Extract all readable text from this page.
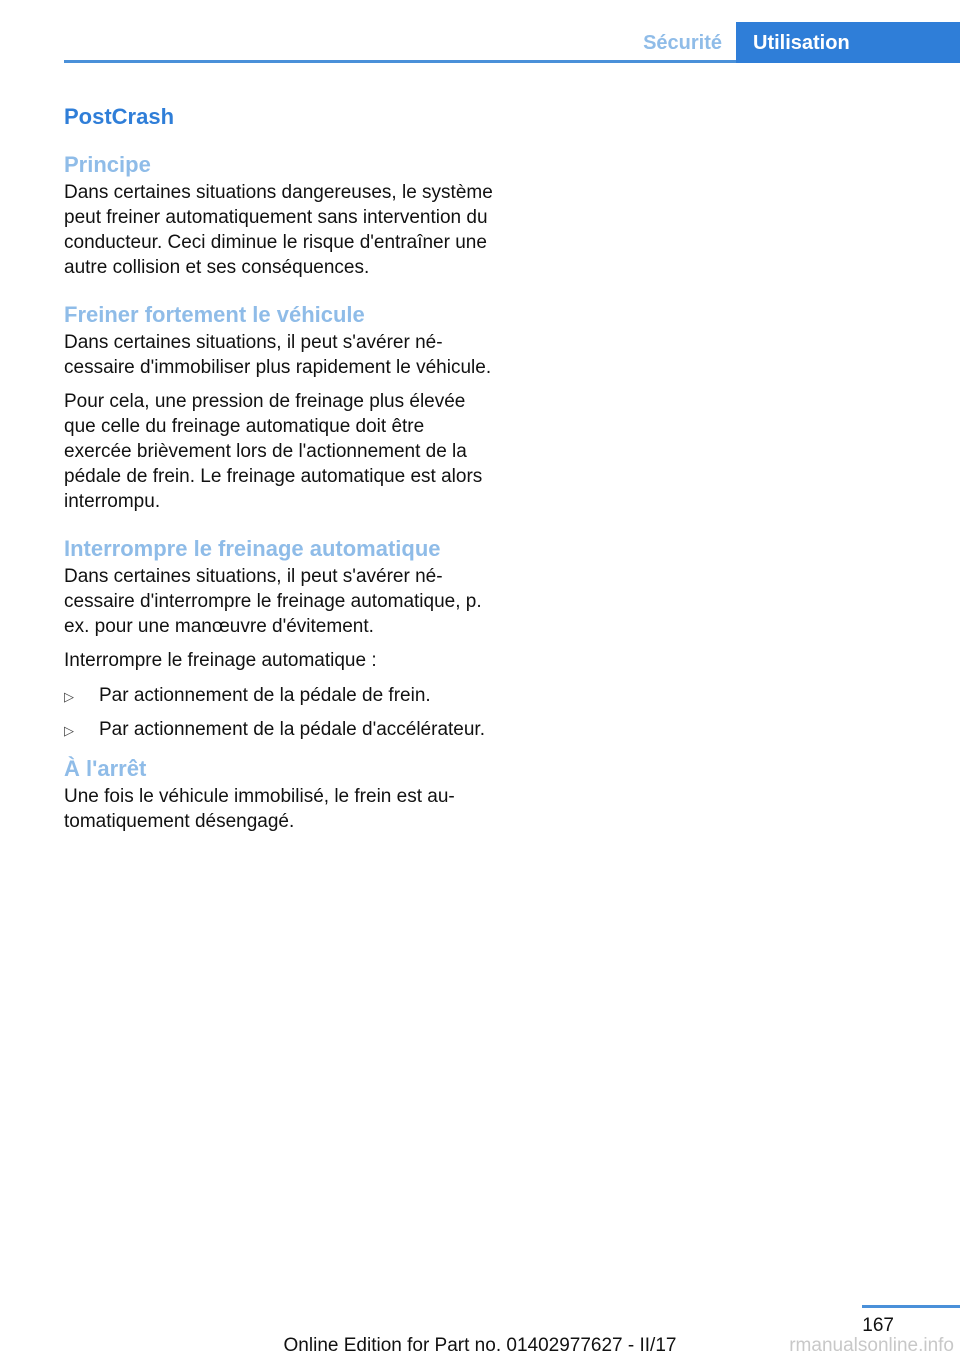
Sécurité	Utilisation
PostCrash
Principe

Dans certaines situations dangereuses, le système peut freiner automatiquement sans intervention du conducteur. Ceci diminue le risque d'entraîner une autre collision et ses conséquences.

Freiner fortement le véhicule

Dans certaines situations, il peut s'avérer nécessaire d'immobiliser plus rapidement le véhicule.

Pour cela, une pression de freinage plus élevée que celle du freinage automatique doit être exercée brièvement lors de l'actionnement de la pédale de frein. Le freinage automatique est alors interrompu.

Interrompre le freinage automatique

Dans certaines situations, il peut s'avérer nécessaire d'interrompre le freinage automatique, p. ex. pour une manœuvre d'évitement.

Interrompre le freinage automatique :

▷ Par actionnement de la pédale de frein.
▷ Par actionnement de la pédale d'accélérateur.
À l'arrêt

Une fois le véhicule immobilisé, le frein est automatiquement désengagé.

167
Online Edition for Part no. 01402977627 - II/17	rmanualsonline.info
